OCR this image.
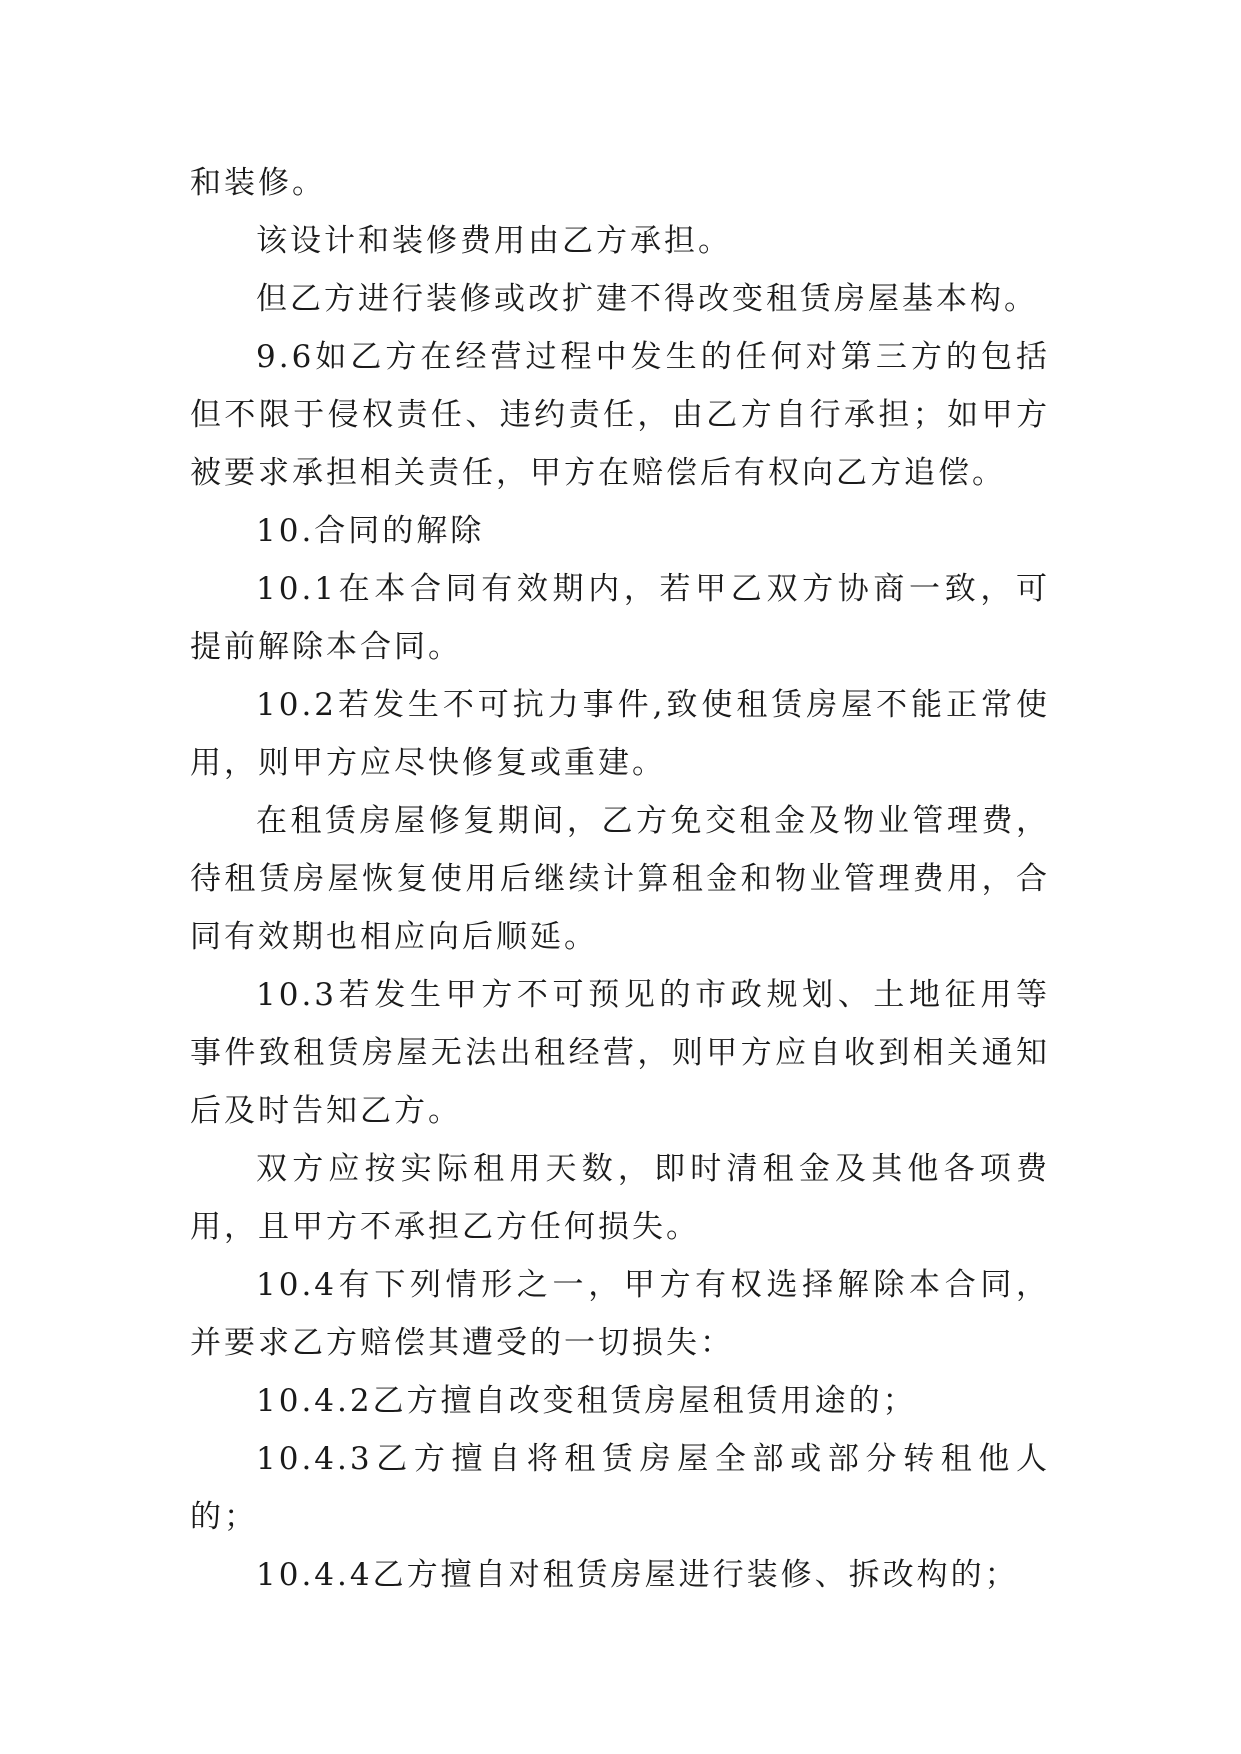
和装修。

该设计和装修费用由乙方承担。

但乙方进行装修或改扩建不得改变租赁房屋基本构。

9.6如乙方在经营过程中发生的任何对第三方的包括但不限于侵权责任、违约责任，由乙方自行承担；如甲方被要求承担相关责任，甲方在赔偿后有权向乙方追偿。

10.合同的解除

10.1在本合同有效期内，若甲乙双方协商一致，可提前解除本合同。

10.2若发生不可抗力事件,致使租赁房屋不能正常使用，则甲方应尽快修复或重建。

在租赁房屋修复期间，乙方免交租金及物业管理费，待租赁房屋恢复使用后继续计算租金和物业管理费用，合同有效期也相应向后顺延。

10.3若发生甲方不可预见的市政规划、土地征用等事件致租赁房屋无法出租经营，则甲方应自收到相关通知后及时告知乙方。

双方应按实际租用天数，即时清租金及其他各项费用，且甲方不承担乙方任何损失。

10.4有下列情形之一，甲方有权选择解除本合同，并要求乙方赔偿其遭受的一切损失：

10.4.2乙方擅自改变租赁房屋租赁用途的；

10.4.3乙方擅自将租赁房屋全部或部分转租他人的；

10.4.4乙方擅自对租赁房屋进行装修、拆改构的；
